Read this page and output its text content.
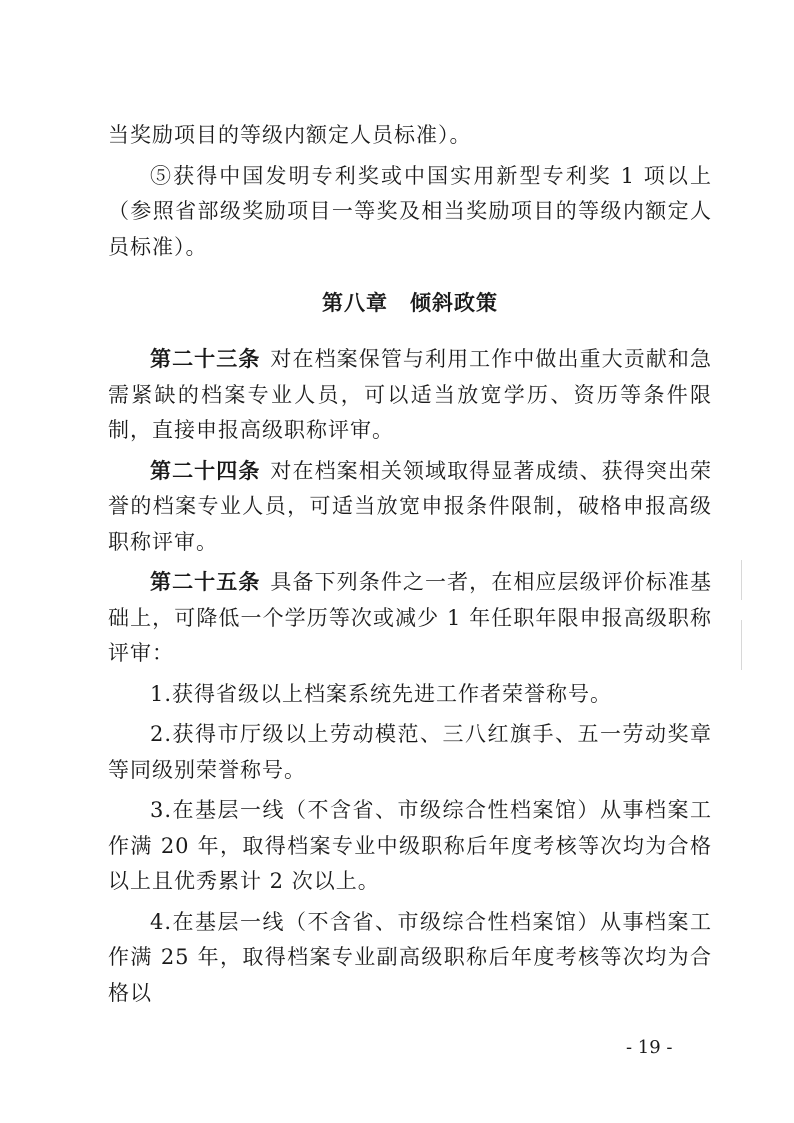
当奖励项目的等级内额定人员标准）。

⑤获得中国发明专利奖或中国实用新型专利奖 1 项以上（参照省部级奖励项目一等奖及相当奖励项目的等级内额定人员标准）。

第八章　倾斜政策

第二十三条 对在档案保管与利用工作中做出重大贡献和急需紧缺的档案专业人员，可以适当放宽学历、资历等条件限制，直接申报高级职称评审。

第二十四条 对在档案相关领域取得显著成绩、获得突出荣誉的档案专业人员，可适当放宽申报条件限制，破格申报高级职称评审。

第二十五条 具备下列条件之一者，在相应层级评价标准基础上，可降低一个学历等次或减少 1 年任职年限申报高级职称评审：

1.获得省级以上档案系统先进工作者荣誉称号。

2.获得市厅级以上劳动模范、三八红旗手、五一劳动奖章等同级别荣誉称号。

3.在基层一线（不含省、市级综合性档案馆）从事档案工作满 20 年，取得档案专业中级职称后年度考核等次均为合格以上且优秀累计 2 次以上。

4.在基层一线（不含省、市级综合性档案馆）从事档案工作满 25 年，取得档案专业副高级职称后年度考核等次均为合格以

- 19 -
